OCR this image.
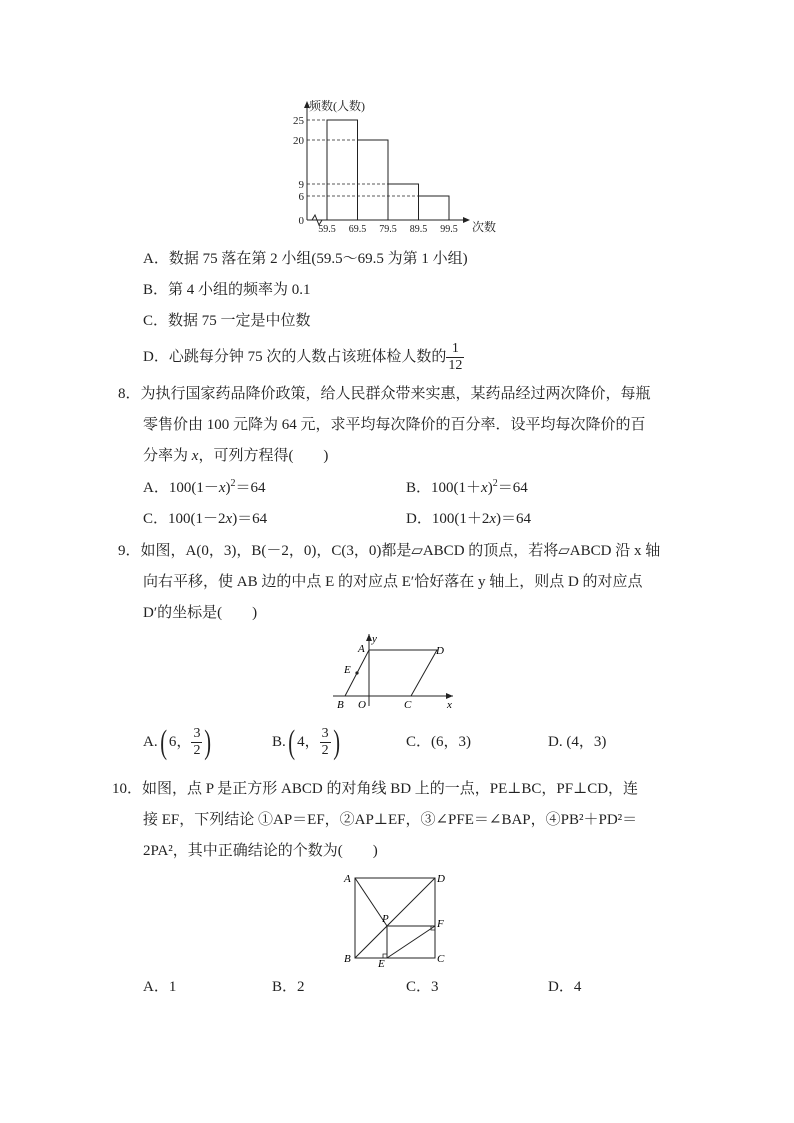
25
20
9
6
0
59.5 69.5 79.5 89.5 99.5
频数(人数)
次数
A．数据 75 落在第 2 小组(59.5～69.5 为第 1 小组)
B．第 4 小组的频率为 0.1
C．数据 75 一定是中位数
D．心跳每分钟 75 次的人数占该班体检人数的 $\frac{1}{12}$
8．为执行国家药品降价政策，给人民群众带来实惠，某药品经过两次降价，每瓶
零售价由 100 元降为 64 元，求平均每次降价的百分率．设平均每次降价的百
分率为 x，可列方程得(　　)
A．$100(1-x)^2=64$	B．$100(1+x)^2=64$
C．100(1－2x)＝64	D．100(1＋2x)＝64
9．如图，A(0，3)，B(－2，0)，C(3，0)都是▱ABCD 的顶点，若将▱ABCD 沿 x 轴
向右平移，使 AB 边的中点 E 的对应点 E′恰好落在 y 轴上，则点 D 的对应点
D′的坐标是(　　)
y
x
A	D
E
B O	C
A.( 6， $\frac{3}{2}$ )	B.( 4， $\frac{3}{2}$ )	C．(6，3)	D. (4，3)
10．如图，点 P 是正方形 ABCD 的对角线 BD 上的一点，PE⊥BC，PF⊥CD，连
接 EF，下列结论 ①AP＝EF，②AP⊥EF，③∠PFE＝∠BAP，④PB²＋PD²＝
2PA²，其中正确结论的个数为(　　)
A	D
P	F
B E	C
A．1	B．2	C．3	D．4
